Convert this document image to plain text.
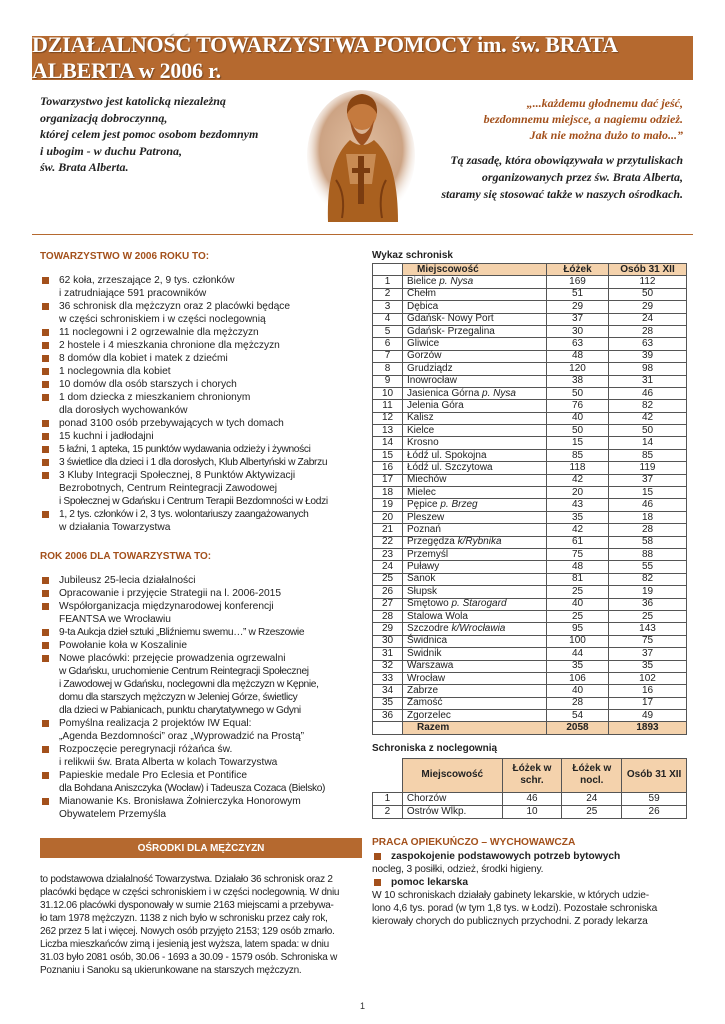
DZIAŁALNOŚĆ TOWARZYSTWA POMOCY im. św. BRATA ALBERTA w 2006 r.
Towarzystwo jest katolicką niezależną
organizacją dobroczynną,
której celem jest pomoc osobom bezdomnym
i ubogim - w duchu Patrona,
św. Brata Alberta.
„...każdemu głodnemu dać jeść,
bezdomnemu miejsce, a nagiemu odzież.
Jak nie można dużo to mało...”
Tą zasadę, która obowiązywała w przytuliskach
organizowanych przez św. Brata Alberta,
staramy się stosować także w naszych ośrodkach.
TOWARZYSTWO W 2006 ROKU TO:
62 koła, zrzeszające 2, 9 tys. członków
i zatrudniające 591 pracowników
36 schronisk dla mężczyzn oraz 2 placówki będące
w części schroniskiem i w części noclegownią
11 noclegowni i 2 ogrzewalnie dla mężczyzn
2 hostele i 4 mieszkania chronione dla mężczyzn
8 domów dla kobiet i matek z dziećmi
1 noclegownia dla kobiet
10 domów dla osób starszych i chorych
1 dom dziecka z mieszkaniem chronionym
dla dorosłych wychowanków
ponad 3100 osób przebywających w tych domach
15 kuchni i jadłodajni
5 łaźni, 1 apteka, 15 punktów wydawania odzieży i żywności
3 świetlice dla dzieci i 1 dla dorosłych, Klub Albertyński w Zabrzu
3 Kluby Integracji Społecznej, 8 Punktów Aktywizacji
Bezrobotnych, Centrum Reintegracji Zawodowej
i Społecznej w Gdańsku i Centrum Terapii Bezdomności w Łodzi
1, 2 tys. członków i 2, 3 tys. wolontariuszy zaangażowanych
w działania Towarzystwa
ROK 2006 DLA TOWARZYSTWA TO:
Jubileusz 25-lecia działalności
Opracowanie i przyjęcie Strategii na l. 2006-2015
Współorganizacja międzynarodowej konferencji
FEANTSA we Wrocławiu
9-ta Aukcja dzieł sztuki „Bliźniemu swemu…” w Rzeszowie
Powołanie koła w Koszalinie
Nowe placówki: przejęcie prowadzenia ogrzewalni
w Gdańsku, uruchomienie Centrum Reintegracji Społecznej
i Zawodowej w Gdańsku, noclegowni dla mężczyzn w Kępnie,
domu dla starszych mężczyzn w Jeleniej Górze, świetlicy
dla dzieci w Pabianicach, punktu charytatywnego w Gdyni
Pomyślna realizacja 2 projektów IW Equal:
„Agenda Bezdomności” oraz „Wyprowadzić na Prostą”
Rozpoczęcie peregrynacji różańca św.
i relikwii św. Brata Alberta w kolach Towarzystwa
Papieskie medale Pro Eclesia et Pontifice
dla Bohdana Aniszczyka (Wocław) i Tadeusza Cozaca (Bielsko)
Mianowanie Ks. Bronisława Żołnierczyka Honorowym
Obywatelem Przemyśla
OŚRODKI DLA MĘŻCZYZN
to podstawowa działalność Towarzystwa. Działało 36 schronisk oraz 2
placówki będące w części schroniskiem i w części noclegownią. W dniu
31.12.06 placówki dysponowały w sumie 2163 miejscami a przebywa-
ło tam 1978 mężczyzn. 1138 z nich było w schronisku przez cały rok,
262 przez 5 lat i więcej. Nowych osób przyjęto 2153; 129 osób zmarło.
Liczba mieszkańców zimą i jesienią jest wyższa, latem spada: w dniu
31.03 było 2081 osób, 30.06 - 1693 a 30.09 - 1579 osób. Schroniska w
Poznaniu i Sanoku są ukierunkowane na starszych mężczyzn.
Wykaz schronisk
	Miejscowość	Łóżek	Osób 31 XII
1	Bielice p. Nysa	169	112
2	Chełm	51	50
3	Dębica	29	29
4	Gdańsk- Nowy Port	37	24
5	Gdańsk- Przegalina	30	28
6	Gliwice	63	63
7	Gorzów	48	39
8	Grudziądz	120	98
9	Inowrocław	38	31
10	Jasienica Górna p. Nysa	50	46
11	Jelenia Góra	76	82
12	Kalisz	40	42
13	Kielce	50	50
14	Krosno	15	14
15	Łódź ul. Spokojna	85	85
16	Łódź ul. Szczytowa	118	119
17	Miechów	42	37
18	Mielec	20	15
19	Pępice p. Brzeg	43	46
20	Pleszew	35	18
21	Poznań	42	28
22	Przegędza k/Rybnika	61	58
23	Przemyśl	75	88
24	Puławy	48	55
25	Sanok	81	82
26	Słupsk	25	19
27	Smętowo p. Starogard	40	36
28	Stalowa Wola	25	25
29	Szczodre k/Wrocławia	95	143
30	Świdnica	100	75
31	Świdnik	44	37
32	Warszawa	35	35
33	Wrocław	106	102
34	Zabrze	40	16
35	Zamość	28	17
36	Zgorzelec	54	49
	Razem	2058	1893
Schroniska z noclegownią
	Miejscowość	Łóżek w schr.	Łóżek w nocl.	Osób 31 XII
1	Chorzów	46	24	59
2	Ostrów Wlkp.	10	25	26
PRACA OPIEKUŃCZO – WYCHOWAWCZA
zaspokojenie podstawowych potrzeb bytowych
nocleg, 3 posiłki, odzież, środki higieny.
pomoc lekarska
W 10 schroniskach działały gabinety lekarskie, w których udzie-
lono 4,6 tys. porad (w tym 1,8 tys. w Łodzi). Pozostałe schroniska
kierowały chorych do publicznych przychodni. Z porady lekarza
1
